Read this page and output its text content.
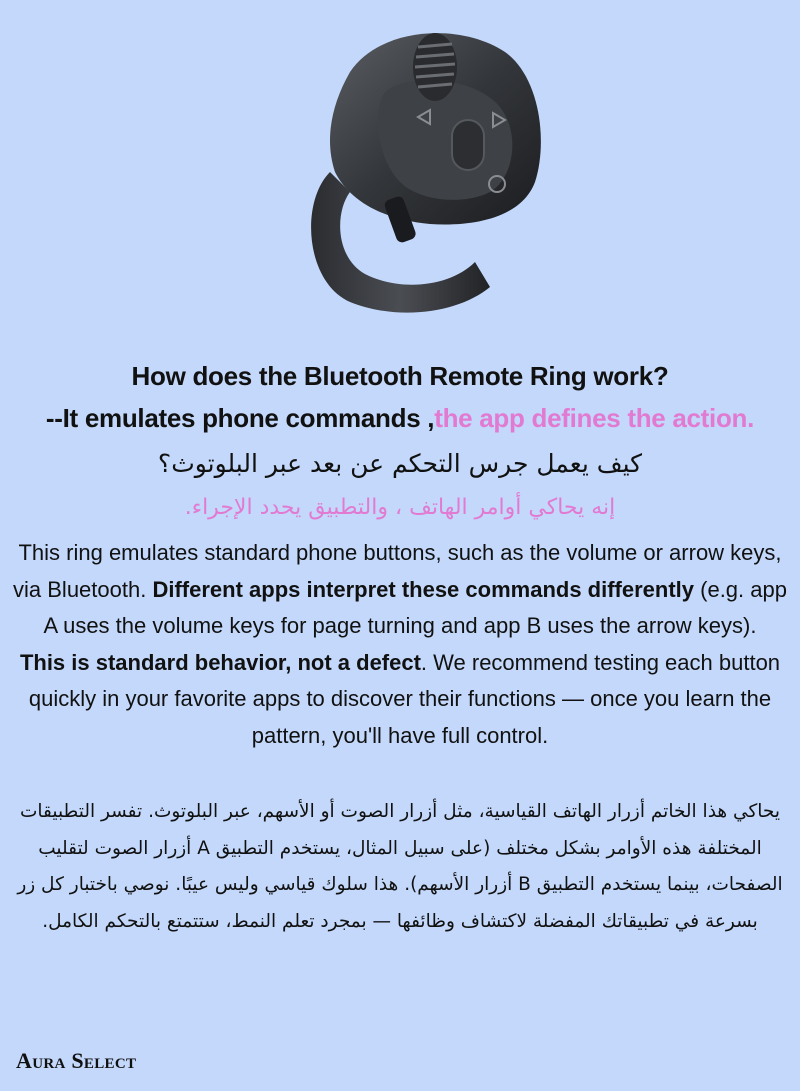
How does the Bluetooth Remote Ring work?
--It emulates phone commands ,the app defines the action.
كيف يعمل جرس التحكم عن بعد عبر البلوتوث؟
إنه يحاكي أوامر الهاتف ، والتطبيق يحدد الإجراء.
This ring emulates standard phone buttons, such as the volume or arrow keys, via Bluetooth. Different apps interpret these commands differently (e.g. app A uses the volume keys for page turning and app B uses the arrow keys).
This is standard behavior, not a defect. We recommend testing each button quickly in your favorite apps to discover their functions — once you learn the pattern, you'll have full control.
يحاكي هذا الخاتم أزرار الهاتف القياسية، مثل أزرار الصوت أو الأسهم، عبر البلوتوث. تفسر التطبيقات المختلفة هذه الأوامر بشكل مختلف (على سبيل المثال، يستخدم التطبيق A أزرار الصوت لتقليب الصفحات، بينما يستخدم التطبيق B أزرار الأسهم). هذا سلوك قياسي وليس عيبًا. نوصي باختبار كل زر بسرعة في تطبيقاتك المفضلة لاكتشاف وظائفها — بمجرد تعلم النمط، ستتمتع بالتحكم الكامل.
Aura Select
